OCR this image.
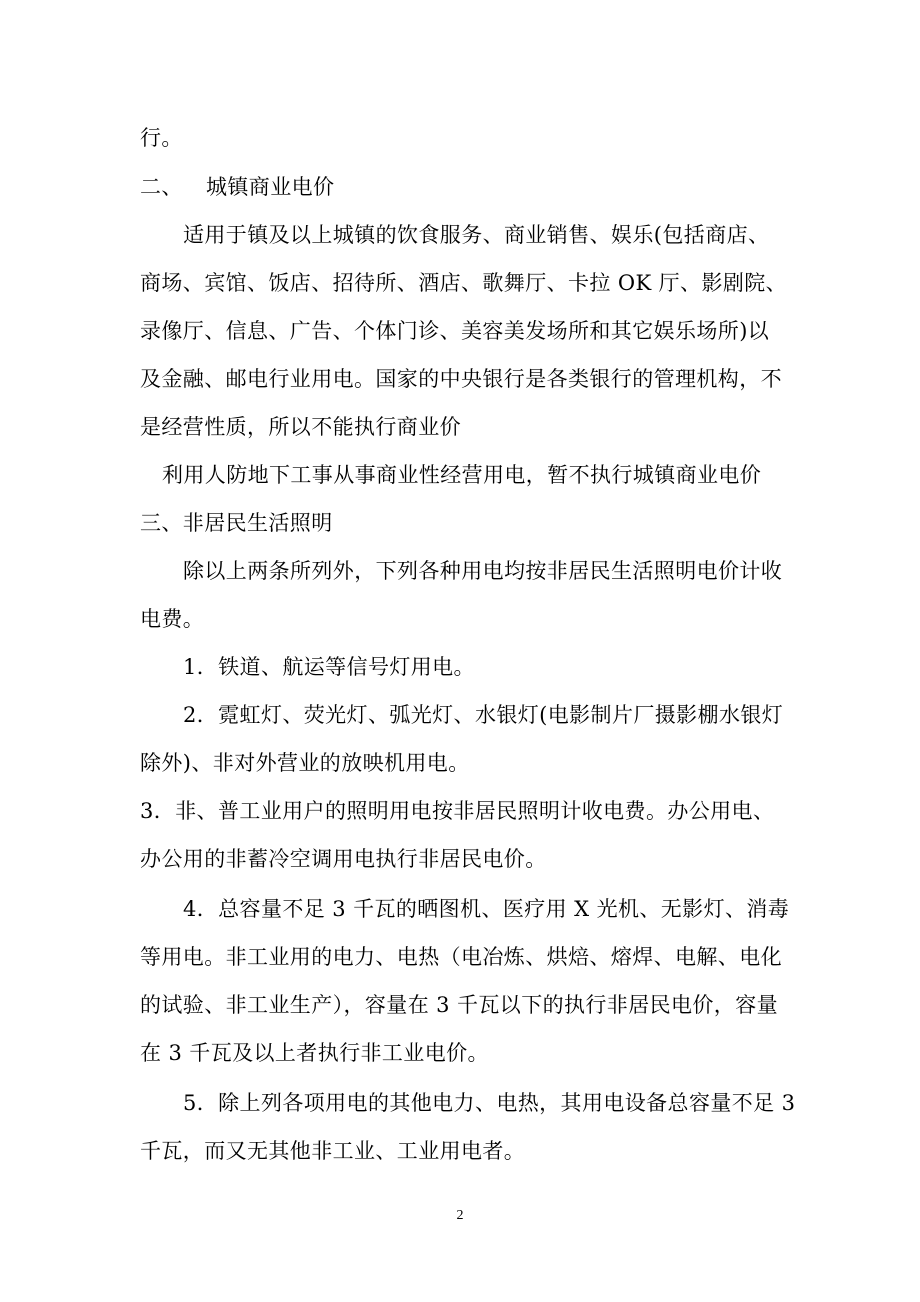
行。
二、 城镇商业电价
适用于镇及以上城镇的饮食服务、商业销售、娱乐(包括商店、
商场、宾馆、饭店、招待所、酒店、歌舞厅、卡拉 OK 厅、影剧院、
录像厅、信息、广告、个体门诊、美容美发场所和其它娱乐场所)以
及金融、邮电行业用电。国家的中央银行是各类银行的管理机构，不
是经营性质，所以不能执行商业价
利用人防地下工事从事商业性经营用电，暂不执行城镇商业电价
三、非居民生活照明
除以上两条所列外，下列各种用电均按非居民生活照明电价计收
电费。
1．铁道、航运等信号灯用电。
2．霓虹灯、荧光灯、弧光灯、水银灯(电影制片厂摄影棚水银灯
除外)、非对外营业的放映机用电。
3．非、普工业用户的照明用电按非居民照明计收电费。办公用电、
办公用的非蓄冷空调用电执行非居民电价。
4．总容量不足 3 千瓦的晒图机、医疗用 X 光机、无影灯、消毒
等用电。非工业用的电力、电热（电冶炼、烘焙、熔焊、电解、电化
的试验、非工业生产），容量在 3 千瓦以下的执行非居民电价，容量
在 3 千瓦及以上者执行非工业电价。
5．除上列各项用电的其他电力、电热，其用电设备总容量不足 3
千瓦，而又无其他非工业、工业用电者。
2
